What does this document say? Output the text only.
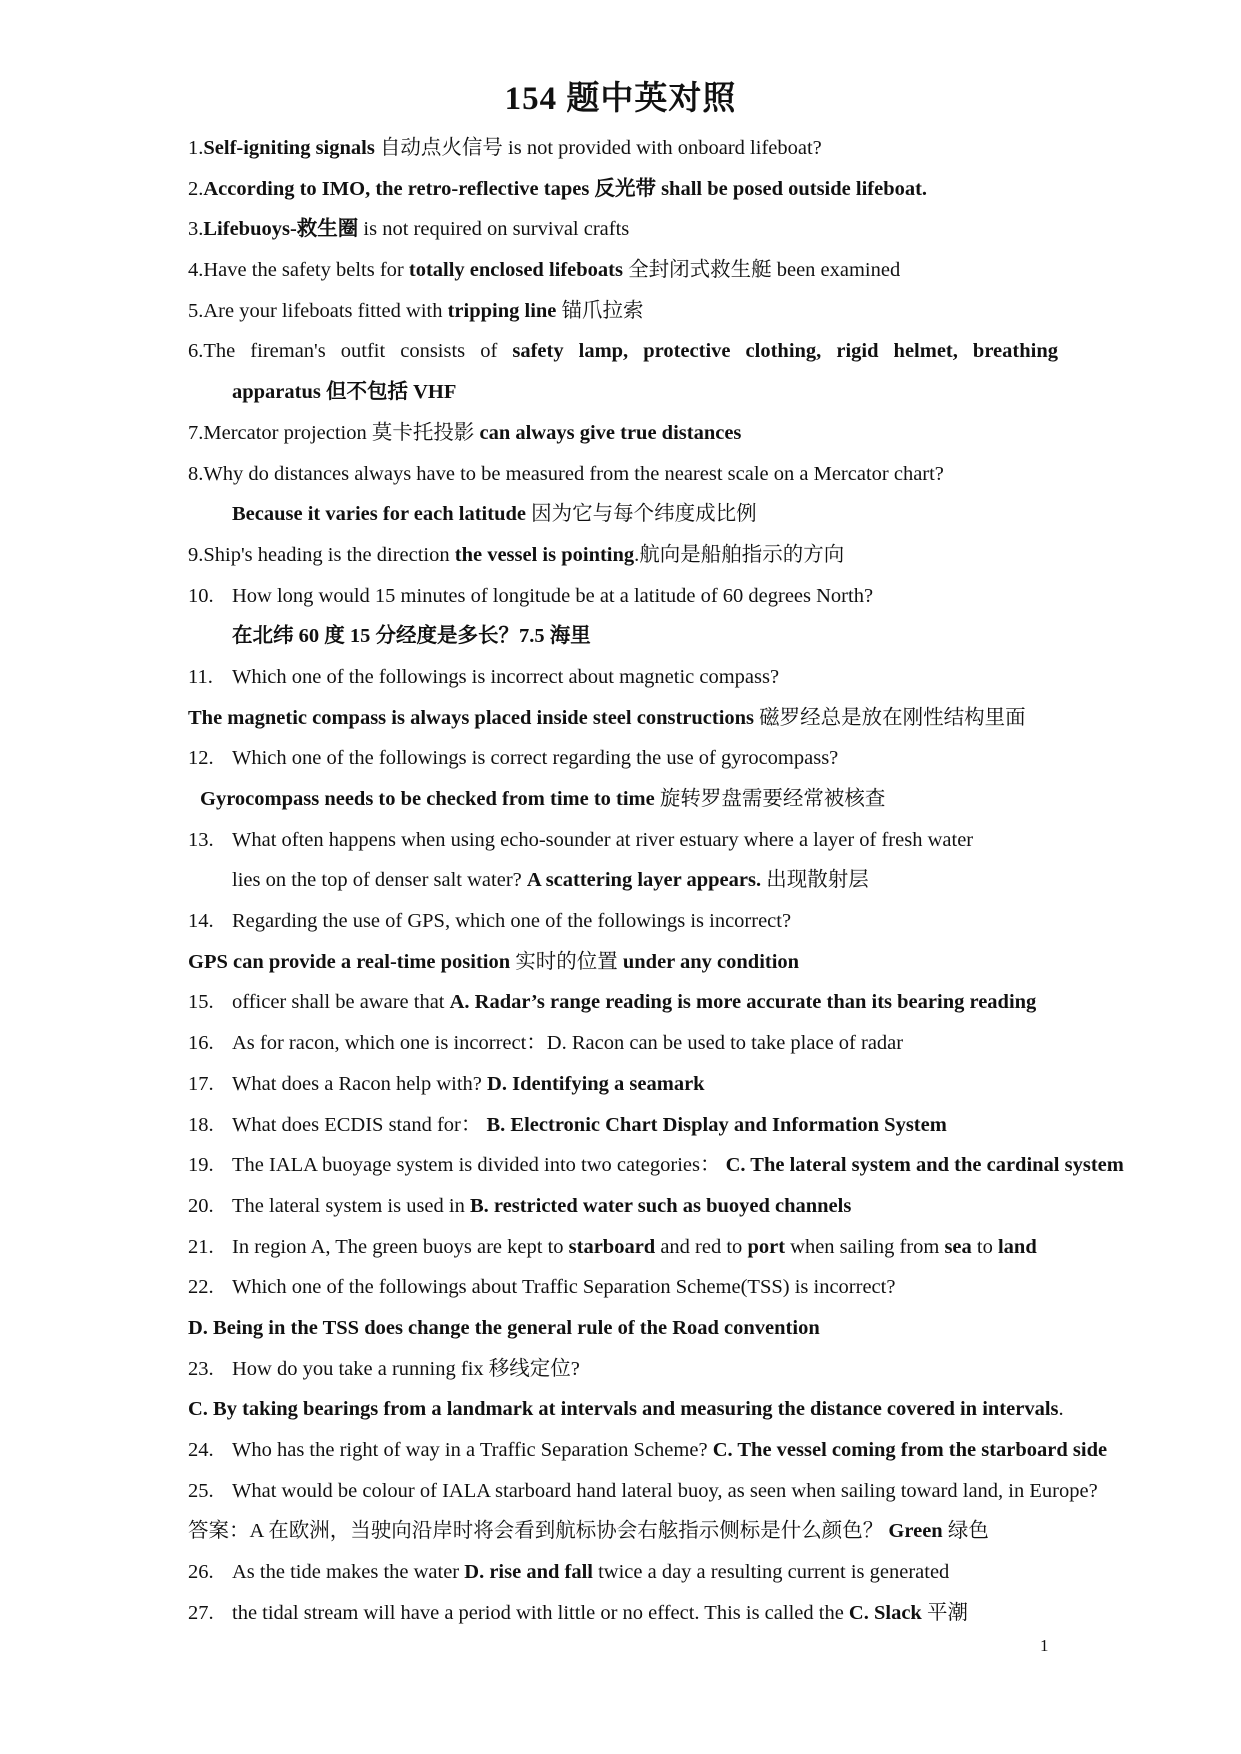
154 题中英对照
1.Self-igniting signals 自动点火信号 is not provided with onboard lifeboat?
2.According to IMO, the retro-reflective tapes 反光带 shall be posed outside lifeboat.
3.Lifebuoys-救生圈 is not required on survival crafts
4.Have the safety belts for totally enclosed lifeboats 全封闭式救生艇 been examined
5.Are your lifeboats fitted with tripping line 锚爪拉索
6.The fireman's outfit consists of safety lamp, protective clothing, rigid helmet, breathing
apparatus 但不包括 VHF
7.Mercator projection 莫卡托投影 can always give true distances
8.Why do distances always have to be measured from the nearest scale on a Mercator chart?
Because it varies for each latitude 因为它与每个纬度成比例
9.Ship's heading is the direction the vessel is pointing.航向是船舶指示的方向
10. How long would 15 minutes of longitude be at a latitude of 60 degrees North?
在北纬 60 度 15 分经度是多长？7.5 海里
11. Which one of the followings is incorrect about magnetic compass?
The magnetic compass is always placed inside steel constructions 磁罗经总是放在刚性结构里面
12. Which one of the followings is correct regarding the use of gyrocompass?
Gyrocompass needs to be checked from time to time 旋转罗盘需要经常被核查
13. What often happens when using echo-sounder at river estuary where a layer of fresh water
lies on the top of denser salt water? A scattering layer appears. 出现散射层
14. Regarding the use of GPS, which one of the followings is incorrect?
GPS can provide a real-time position 实时的位置 under any condition
15. officer shall be aware that A. Radar’s range reading is more accurate than its bearing reading
16. As for racon, which one is incorrect：D. Racon can be used to take place of radar
17. What does a Racon help with? D. Identifying a seamark
18. What does ECDIS stand for： B. Electronic Chart Display and Information System
19. The IALA buoyage system is divided into two categories： C. The lateral system and the cardinal system
20. The lateral system is used in B. restricted water such as buoyed channels
21. In region A, The green buoys are kept to starboard and red to port when sailing from sea to land
22. Which one of the followings about Traffic Separation Scheme(TSS) is incorrect?
D. Being in the TSS does change the general rule of the Road convention
23. How do you take a running fix 移线定位?
C. By taking bearings from a landmark at intervals and measuring the distance covered in intervals.
24. Who has the right of way in a Traffic Separation Scheme? C. The vessel coming from the starboard side
25. What would be colour of IALA starboard hand lateral buoy, as seen when sailing toward land, in Europe?
答案：A 在欧洲，当驶向沿岸时将会看到航标协会右舷指示侧标是什么颜色？ Green 绿色
26. As the tide makes the water D. rise and fall twice a day a resulting current is generated
27. the tidal stream will have a period with little or no effect. This is called the C. Slack 平潮
1
